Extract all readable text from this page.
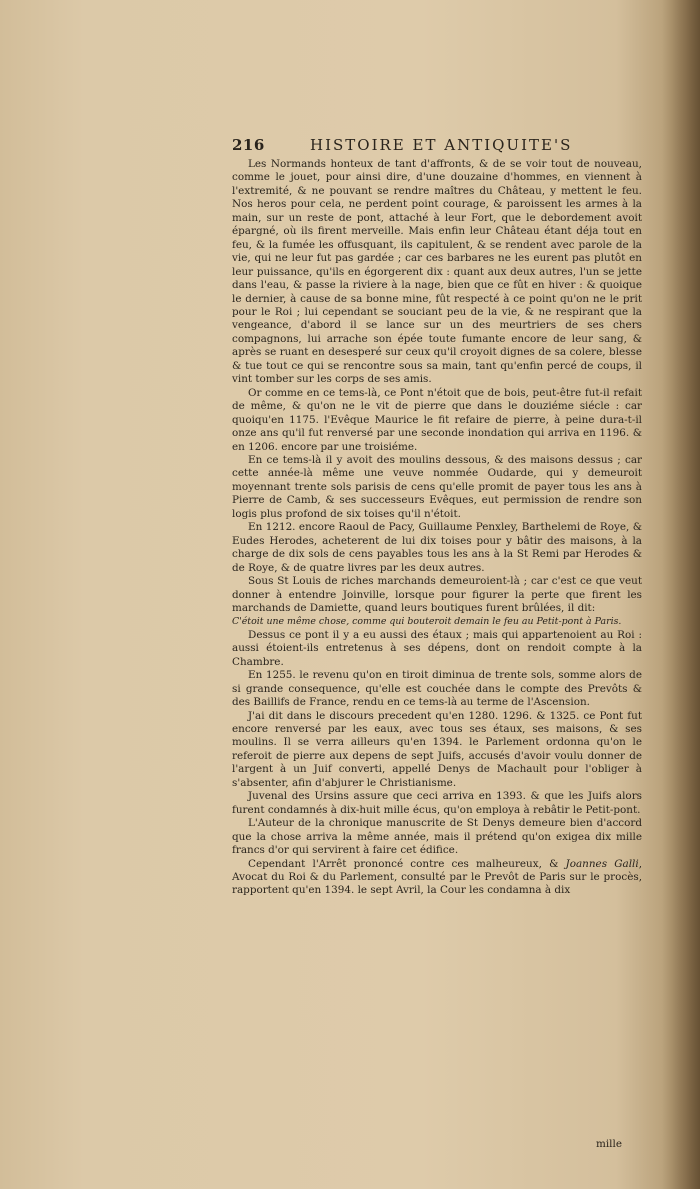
216	HISTOIRE ET ANTIQUITE'S

Les Normands honteux de tant d'affronts, & de se voir tout de nouveau, comme le jouet, pour ainsi dire, d'une douzaine d'hommes, en viennent à l'extremité, & ne pouvant se rendre maîtres du Château, y mettent le feu. Nos heros pour cela, ne perdent point courage, & paroissent les armes à la main, sur un reste de pont, attaché à leur Fort, que le debordement avoit épargné, où ils firent merveille. Mais enfin leur Château étant déja tout en feu, & la fumée les offusquant, ils capitulent, & se rendent avec parole de la vie, qui ne leur fut pas gardée ; car ces barbares ne les eurent pas plutôt en leur puissance, qu'ils en égorgerent dix : quant aux deux autres, l'un se jette dans l'eau, & passe la riviere à la nage, bien que ce fût en hiver : & quoique le dernier, à cause de sa bonne mine, fût respecté à ce point qu'on ne le prit pour le Roi ; lui cependant se souciant peu de la vie, & ne respirant que la vengeance, d'abord il se lance sur un des meurtriers de ses chers compagnons, lui arrache son épée toute fumante encore de leur sang, & après se ruant en desesperé sur ceux qu'il croyoit dignes de sa colere, blesse & tue tout ce qui se rencontre sous sa main, tant qu'enfin percé de coups, il vint tomber sur les corps de ses amis.

Or comme en ce tems-là, ce Pont n'étoit que de bois, peut-être fut-il refait de même, & qu'on ne le vit de pierre que dans le douziéme siécle : car quoiqu'en 1175. l'Evêque Maurice le fit refaire de pierre, à peine dura-t-il onze ans qu'il fut renversé par une seconde inondation qui arriva en 1196. & en 1206. encore par une troisiéme.

En ce tems-là il y avoit des moulins dessous, & des maisons dessus ; car cette année-là même une veuve nommée Oudarde, qui y demeuroit moyennant trente sols parisis de cens qu'elle promit de payer tous les ans à Pierre de Camb, & ses successeurs Evêques, eut permission de rendre son logis plus profond de six toises qu'il n'étoit.

En 1212. encore Raoul de Pacy, Guillaume Penxley, Barthelemi de Roye, & Eudes Herodes, acheterent de lui dix toises pour y bâtir des maisons, à la charge de dix sols de cens payables tous les ans à la St Remi par Herodes & de Roye, & de quatre livres par les deux autres.

Sous St Louis de riches marchands demeuroient-là ; car c'est ce que veut donner à entendre Joinville, lorsque pour figurer la perte que firent les marchands de Damiette, quand leurs boutiques furent brûlées, il dit:

C'étoit une même chose, comme qui bouteroit demain le feu au Petit-pont à Paris.

Dessus ce pont il y a eu aussi des étaux ; mais qui appartenoient au Roi : aussi étoient-ils entretenus à ses dépens, dont on rendoit compte à la Chambre.

En 1255. le revenu qu'on en tiroit diminua de trente sols, somme alors de si grande consequence, qu'elle est couchée dans le compte des Prevôts & des Baillifs de France, rendu en ce tems-là au terme de l'Ascension.

J'ai dit dans le discours precedent qu'en 1280. 1296. & 1325. ce Pont fut encore renversé par les eaux, avec tous ses étaux, ses maisons, & ses moulins. Il se verra ailleurs qu'en 1394. le Parlement ordonna qu'on le referoit de pierre aux depens de sept Juifs, accusés d'avoir voulu donner de l'argent à un Juif converti, appellé Denys de Machault pour l'obliger à s'absenter, afin d'abjurer le Christianisme.

Juvenal des Ursins assure que ceci arriva en 1393. & que les Juifs alors furent condamnés à dix-huit mille écus, qu'on employa à rebâtir le Petit-pont.

L'Auteur de la chronique manuscrite de St Denys demeure bien d'accord que la chose arriva la même année, mais il prétend qu'on exigea dix mille francs d'or qui servirent à faire cet édifice.

Cependant l'Arrêt prononcé contre ces malheureux, & Joannes Galli, Avocat du Roi & du Parlement, consulté par le Prevôt de Paris sur le procès, rapportent qu'en 1394. le sept Avril, la Cour les condamna à dix

mille
